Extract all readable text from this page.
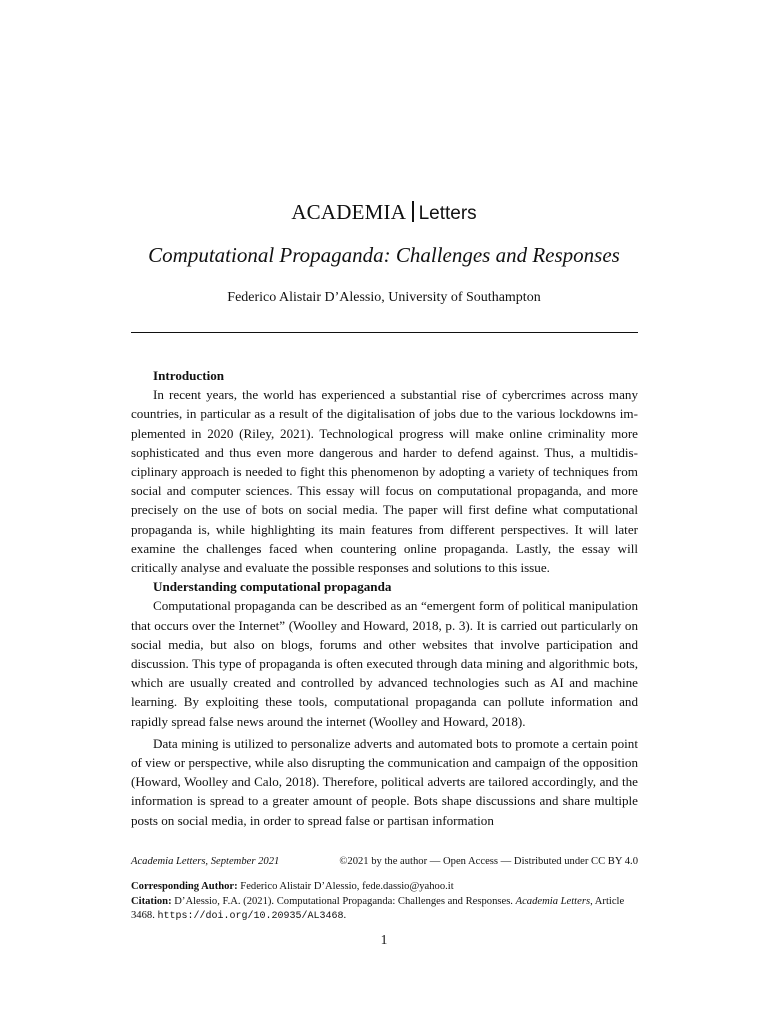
ACADEMIA Letters
Computational Propaganda: Challenges and Responses
Federico Alistair D’Alessio, University of Southampton
Introduction

In recent years, the world has experienced a substantial rise of cybercrimes across many countries, in particular as a result of the digitalisation of jobs due to the various lockdowns implemented in 2020 (Riley, 2021). Technological progress will make online criminality more sophisticated and thus even more dangerous and harder to defend against. Thus, a multidisciplinary approach is needed to fight this phenomenon by adopting a variety of techniques from social and computer sciences. This essay will focus on computational propaganda, and more precisely on the use of bots on social media. The paper will first define what computational propaganda is, while highlighting its main features from different perspectives. It will later examine the challenges faced when countering online propaganda. Lastly, the essay will critically analyse and evaluate the possible responses and solutions to this issue.

Understanding computational propaganda

Computational propaganda can be described as an “emergent form of political manipulation that occurs over the Internet” (Woolley and Howard, 2018, p. 3). It is carried out particularly on social media, but also on blogs, forums and other websites that involve participation and discussion. This type of propaganda is often executed through data mining and algorithmic bots, which are usually created and controlled by advanced technologies such as AI and machine learning. By exploiting these tools, computational propaganda can pollute information and rapidly spread false news around the internet (Woolley and Howard, 2018).

Data mining is utilized to personalize adverts and automated bots to promote a certain point of view or perspective, while also disrupting the communication and campaign of the opposition (Howard, Woolley and Calo, 2018). Therefore, political adverts are tailored accordingly, and the information is spread to a greater amount of people. Bots shape discussions and share multiple posts on social media, in order to spread false or partisan information

Academia Letters, September 2021	©2021 by the author — Open Access — Distributed under CC BY 4.0
Corresponding Author: Federico Alistair D’Alessio, fede.dassio@yahoo.it
Citation: D’Alessio, F.A. (2021). Computational Propaganda: Challenges and Responses. Academia Letters, Article 3468. https://doi.org/10.20935/AL3468.
1
